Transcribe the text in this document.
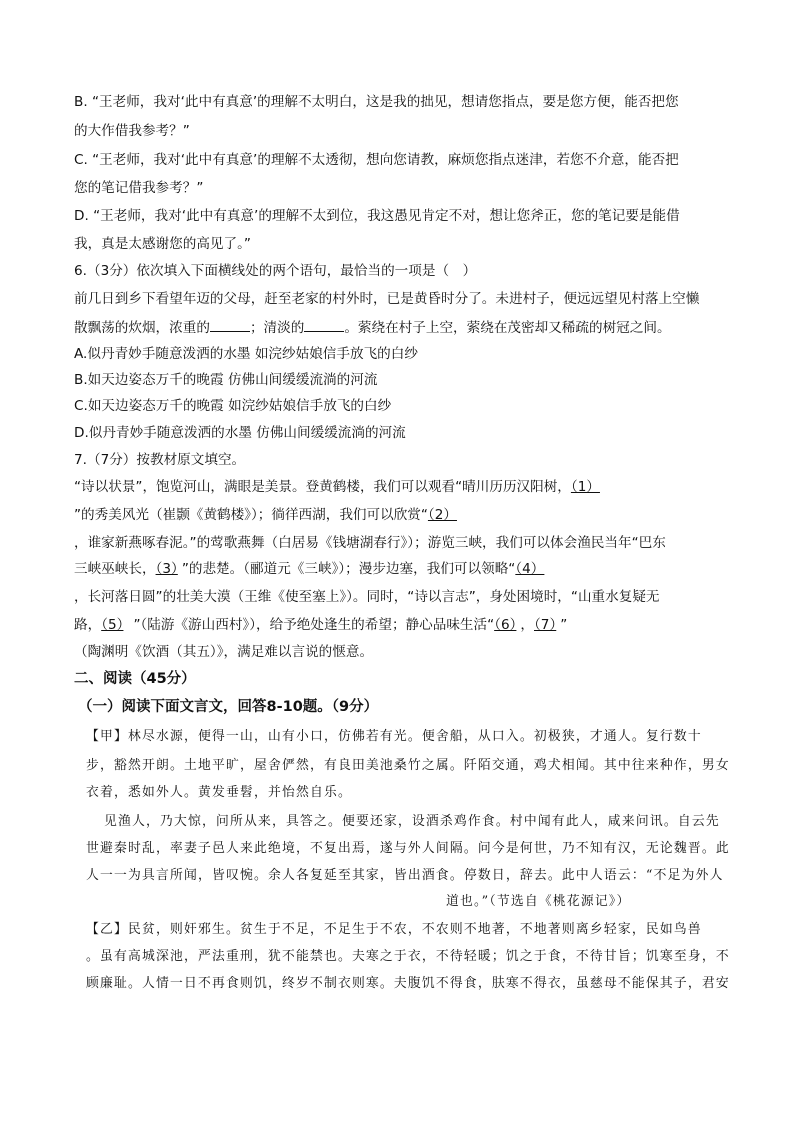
B. “王老师，我对‘此中有真意’的理解不太明白，这是我的拙见，想请您指点，要是您方便，能否把您
的大作借我参考？”
C. “王老师，我对‘此中有真意’的理解不太透彻，想向您请教，麻烦您指点迷津，若您不介意，能否把
您的笔记借我参考？”
D. “王老师，我对‘此中有真意’的理解不太到位，我这愚见肯定不对，想让您斧正，您的笔记要是能借
我，真是太感谢您的高见了。”
6.（3分）依次填入下面横线处的两个语句，最恰当的一项是（　）
前几日到乡下看望年迈的父母，赶至老家的村外时，已是黄昏时分了。未进村子，便远远望见村落上空懒
散飘荡的炊烟，浓重的	；清淡的	。萦绕在村子上空，萦绕在茂密却又稀疏的树冠之间。
A.似丹青妙手随意泼洒的水墨 如浣纱姑娘信手放飞的白纱
B.如天边姿态万千的晚霞 仿佛山间缓缓流淌的河流
C.如天边姿态万千的晚霞 如浣纱姑娘信手放飞的白纱
D.似丹青妙手随意泼洒的水墨 仿佛山间缓缓流淌的河流
7.（7分）按教材原文填空。
“诗以状景”，饱览河山，满眼是美景。登黄鹤楼，我们可以观看“晴川历历汉阳树，（1）
”的秀美风光（崔颢《黄鹤楼》）；徜徉西湖，我们可以欣赏“（2）
，谁家新燕啄春泥。”的莺歌燕舞（白居易《钱塘湖春行》）；游览三峡，我们可以体会渔民当年“巴东
三峡巫峡长，（3） ”的悲楚。（郦道元《三峡》）；漫步边塞，我们可以领略“（4）
，长河落日圆”的壮美大漠（王维《使至塞上》）。同时，“诗以言志”，身处困境时，“山重水复疑无
路，（5） ”（陆游《游山西村》），给予绝处逢生的希望；静心品味生活“（6） ，（7） ”
（陶渊明《饮酒（其五）》，满足难以言说的惬意。
二、阅读（45分）
（一）阅读下面文言文，回答8-10题。（9分）
【甲】林尽水源，便得一山，山有小口，仿佛若有光。便舍船，从口入。初极狭，才通人。复行数十
步，豁然开朗。土地平旷，屋舍俨然，有良田美池桑竹之属。阡陌交通，鸡犬相闻。其中往来种作，男女
衣着，悉如外人。黄发垂髫，并怡然自乐。
见渔人，乃大惊，问所从来，具答之。便要还家，设酒杀鸡作食。村中闻有此人，咸来问讯。自云先
世避秦时乱，率妻子邑人来此绝境，不复出焉，遂与外人间隔。问今是何世，乃不知有汉，无论魏晋。此
人一一为具言所闻，皆叹惋。余人各复延至其家，皆出酒食。停数日，辞去。此中人语云：“不足为外人
道也。”（节选自《桃花源记》）
【乙】民贫，则奸邪生。贫生于不足，不足生于不农，不农则不地著，不地著则离乡轻家，民如鸟兽
。虽有高城深池，严法重刑，犹不能禁也。夫寒之于衣，不待轻暖；饥之于食，不待甘旨；饥寒至身，不
顾廉耻。人情一日不再食则饥，终岁不制衣则寒。夫腹饥不得食，肤寒不得衣，虽慈母不能保其子，君安
